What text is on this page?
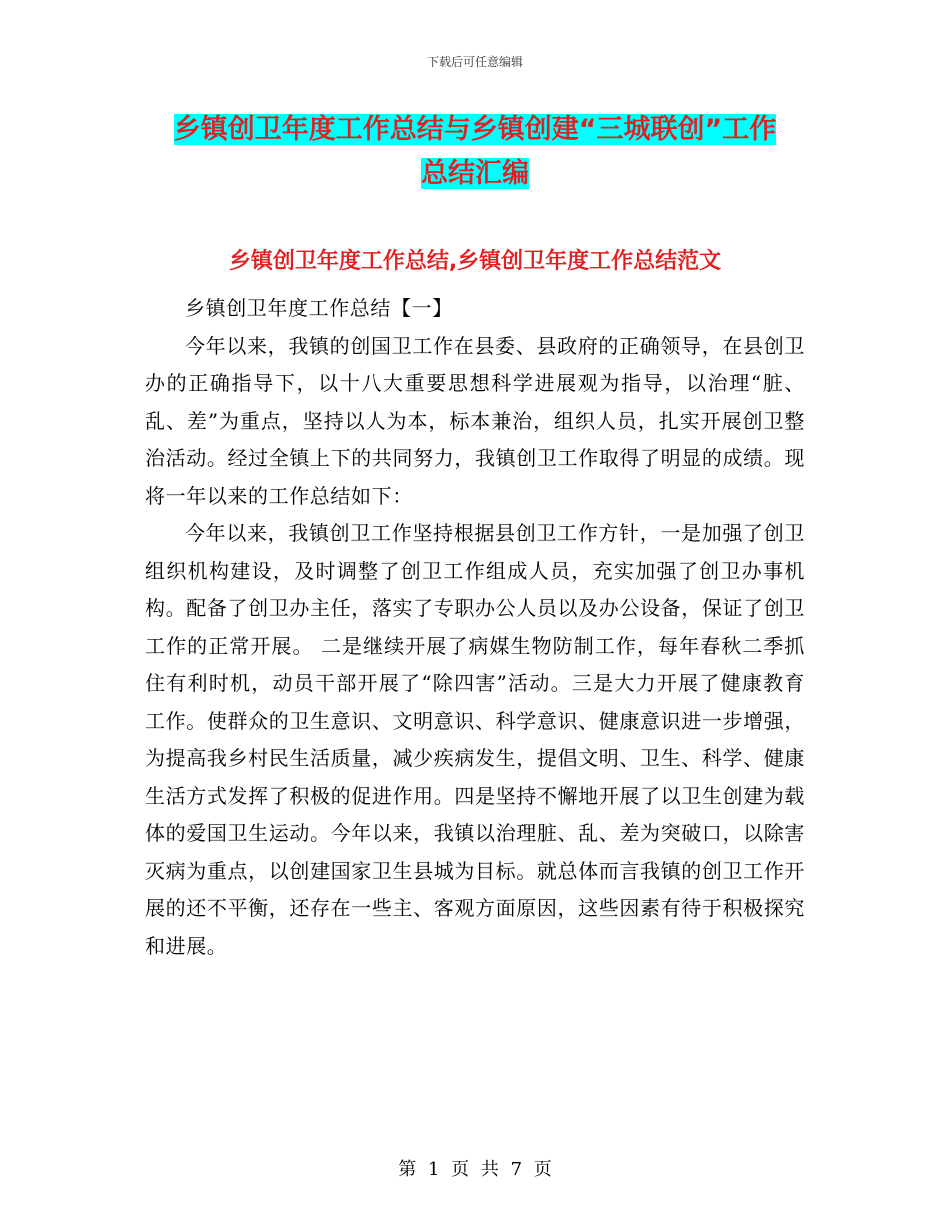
下载后可任意编辑
乡镇创卫年度工作总结与乡镇创建“三城联创”工作
总结汇编
乡镇创卫年度工作总结,乡镇创卫年度工作总结范文

乡镇创卫年度工作总结【一】

今年以来，我镇的创国卫工作在县委、县政府的正确领导，在县创卫办的正确指导下，以十八大重要思想科学进展观为指导，以治理“脏、乱、差”为重点，坚持以人为本，标本兼治，组织人员，扎实开展创卫整治活动。经过全镇上下的共同努力，我镇创卫工作取得了明显的成绩。现将一年以来的工作总结如下：

今年以来，我镇创卫工作坚持根据县创卫工作方针，一是加强了创卫组织机构建设，及时调整了创卫工作组成人员，充实加强了创卫办事机构。配备了创卫办主任，落实了专职办公人员以及办公设备，保证了创卫工作的正常开展。 二是继续开展了病媒生物防制工作，每年春秋二季抓住有利时机，动员干部开展了“除四害”活动。三是大力开展了健康教育工作。使群众的卫生意识、文明意识、科学意识、健康意识进一步增强，为提高我乡村民生活质量，减少疾病发生，提倡文明、卫生、科学、健康生活方式发挥了积极的促进作用。四是坚持不懈地开展了以卫生创建为载体的爱国卫生运动。今年以来，我镇以治理脏、乱、差为突破口，以除害灭病为重点，以创建国家卫生县城为目标。就总体而言我镇的创卫工作开展的还不平衡，还存在一些主、客观方面原因，这些因素有待于积极探究和进展。

第 1 页 共 7 页
